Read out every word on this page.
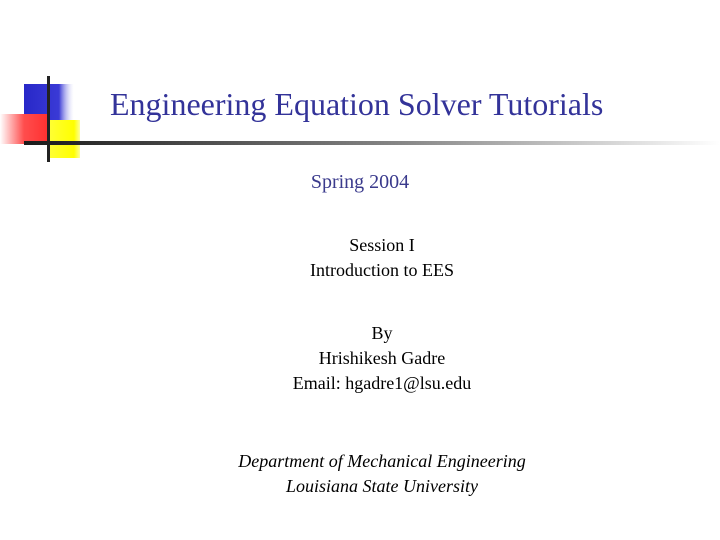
Engineering Equation Solver Tutorials
Spring 2004
Session I
Introduction to EES
By
Hrishikesh Gadre
Email: hgadre1@lsu.edu
Department of Mechanical Engineering
Louisiana State University
